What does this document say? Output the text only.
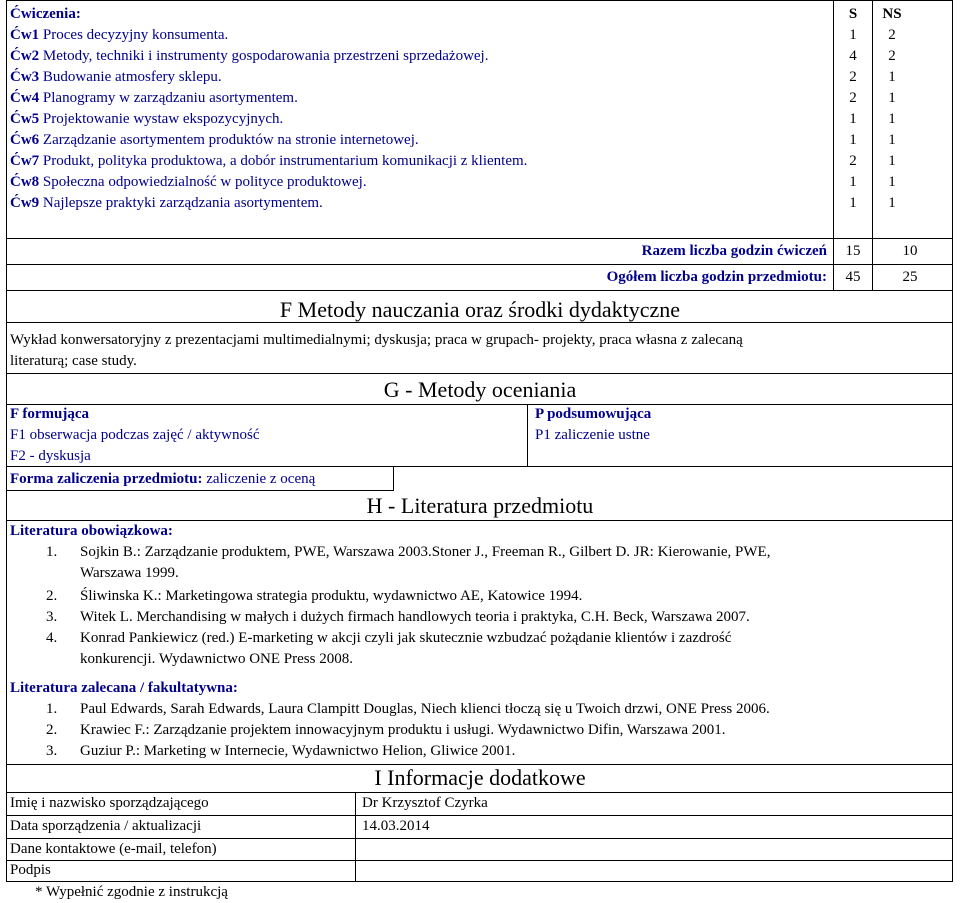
Ćwiczenia:	S	NS
Ćw1 Proces decyzyjny konsumenta.	1	2
Ćw2 Metody, techniki i instrumenty gospodarowania przestrzeni sprzedażowej.	4	2
Ćw3 Budowanie atmosfery sklepu.	2	1
Ćw4 Planogramy w zarządzaniu asortymentem.	2	1
Ćw5 Projektowanie wystaw ekspozycyjnych.	1	1
Ćw6 Zarządzanie asortymentem produktów na stronie internetowej.	1	1
Ćw7 Produkt, polityka produktowa, a dobór instrumentarium komunikacji z klientem.	2	1
Ćw8 Społeczna odpowiedzialność w polityce produktowej.	1	1
Ćw9 Najlepsze praktyki zarządzania asortymentem.	1	1
Razem liczba godzin ćwiczeń	15	10
Ogółem liczba godzin przedmiotu:	45	25
F Metody nauczania oraz środki dydaktyczne
Wykład konwersatoryjny z prezentacjami multimedialnymi; dyskusja; praca w grupach- projekty, praca własna z zalecaną
literaturą; case study.
G - Metody oceniania
F formująca
F1 obserwacja podczas zajęć / aktywność
F2 - dyskusja
P podsumowująca
P1 zaliczenie ustne
Forma zaliczenia przedmiotu: zaliczenie z oceną
H - Literatura przedmiotu
Literatura obowiązkowa:
1. Sojkin B.: Zarządzanie produktem, PWE, Warszawa 2003.Stoner J., Freeman R., Gilbert D. JR: Kierowanie, PWE,
Warszawa 1999.
2. Śliwinska K.: Marketingowa strategia produktu, wydawnictwo AE, Katowice 1994.
3. Witek L. Merchandising w małych i dużych firmach handlowych teoria i praktyka, C.H. Beck, Warszawa 2007.
4. Konrad Pankiewicz (red.) E-marketing w akcji czyli jak skutecznie wzbudzać pożądanie klientów i zazdrość
konkurencji. Wydawnictwo ONE Press 2008.
Literatura zalecana / fakultatywna:
1. Paul Edwards, Sarah Edwards, Laura Clampitt Douglas, Niech klienci tłoczą się u Twoich drzwi, ONE Press 2006.
2. Krawiec F.: Zarządzanie projektem innowacyjnym produktu i usługi. Wydawnictwo Difin, Warszawa 2001.
3. Guziur P.: Marketing w Internecie, Wydawnictwo Helion, Gliwice 2001.
I Informacje dodatkowe
Imię i nazwisko sporządzającego	Dr Krzysztof Czyrka
Data sporządzenia / aktualizacji	14.03.2014
Dane kontaktowe (e-mail, telefon)
Podpis
* Wypełnić zgodnie z instrukcją
